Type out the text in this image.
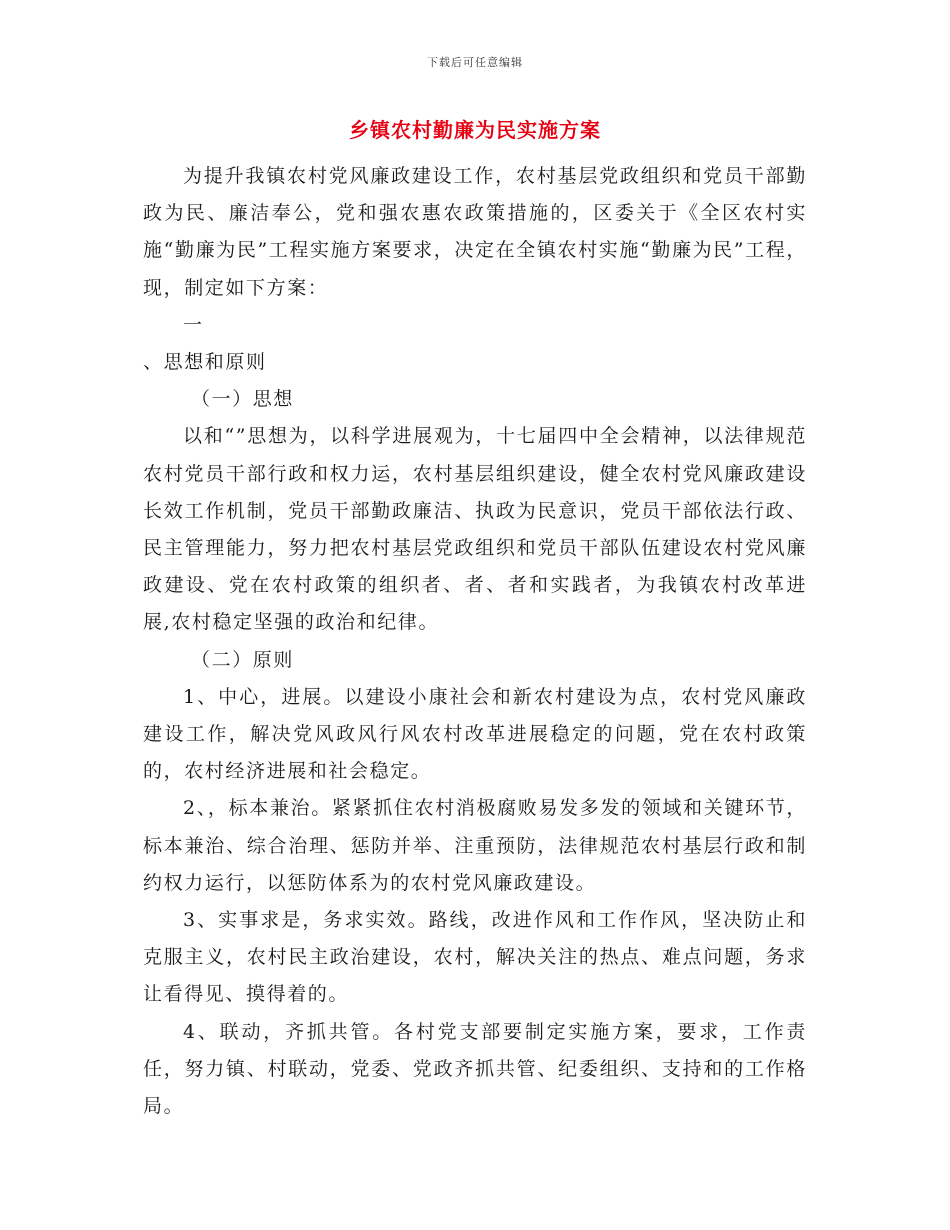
下载后可任意编辑
乡镇农村勤廉为民实施方案

为提升我镇农村党风廉政建设工作，农村基层党政组织和党员干部勤政为民、廉洁奉公，党和强农惠农政策措施的，区委关于《全区农村实施“勤廉为民”工程实施方案要求，决定在全镇农村实施“勤廉为民”工程，现，制定如下方案：

一

、思想和原则

（一）思想

以和“”思想为，以科学进展观为，十七届四中全会精神，以法律规范农村党员干部行政和权力运，农村基层组织建设，健全农村党风廉政建设长效工作机制，党员干部勤政廉洁、执政为民意识，党员干部依法行政、民主管理能力，努力把农村基层党政组织和党员干部队伍建设农村党风廉政建设、党在农村政策的组织者、者、者和实践者，为我镇农村改革进展,农村稳定坚强的政治和纪律。

（二）原则

1、中心，进展。以建设小康社会和新农村建设为点，农村党风廉政建设工作，解决党风政风行风农村改革进展稳定的问题，党在农村政策的，农村经济进展和社会稳定。

2、，标本兼治。紧紧抓住农村消极腐败易发多发的领域和关键环节，标本兼治、综合治理、惩防并举、注重预防，法律规范农村基层行政和制约权力运行，以惩防体系为的农村党风廉政建设。

3、实事求是，务求实效。路线，改进作风和工作作风，坚决防止和克服主义，农村民主政治建设，农村，解决关注的热点、难点问题，务求让看得见、摸得着的。

4、联动，齐抓共管。各村党支部要制定实施方案，要求，工作责任，努力镇、村联动，党委、党政齐抓共管、纪委组织、支持和的工作格局。
